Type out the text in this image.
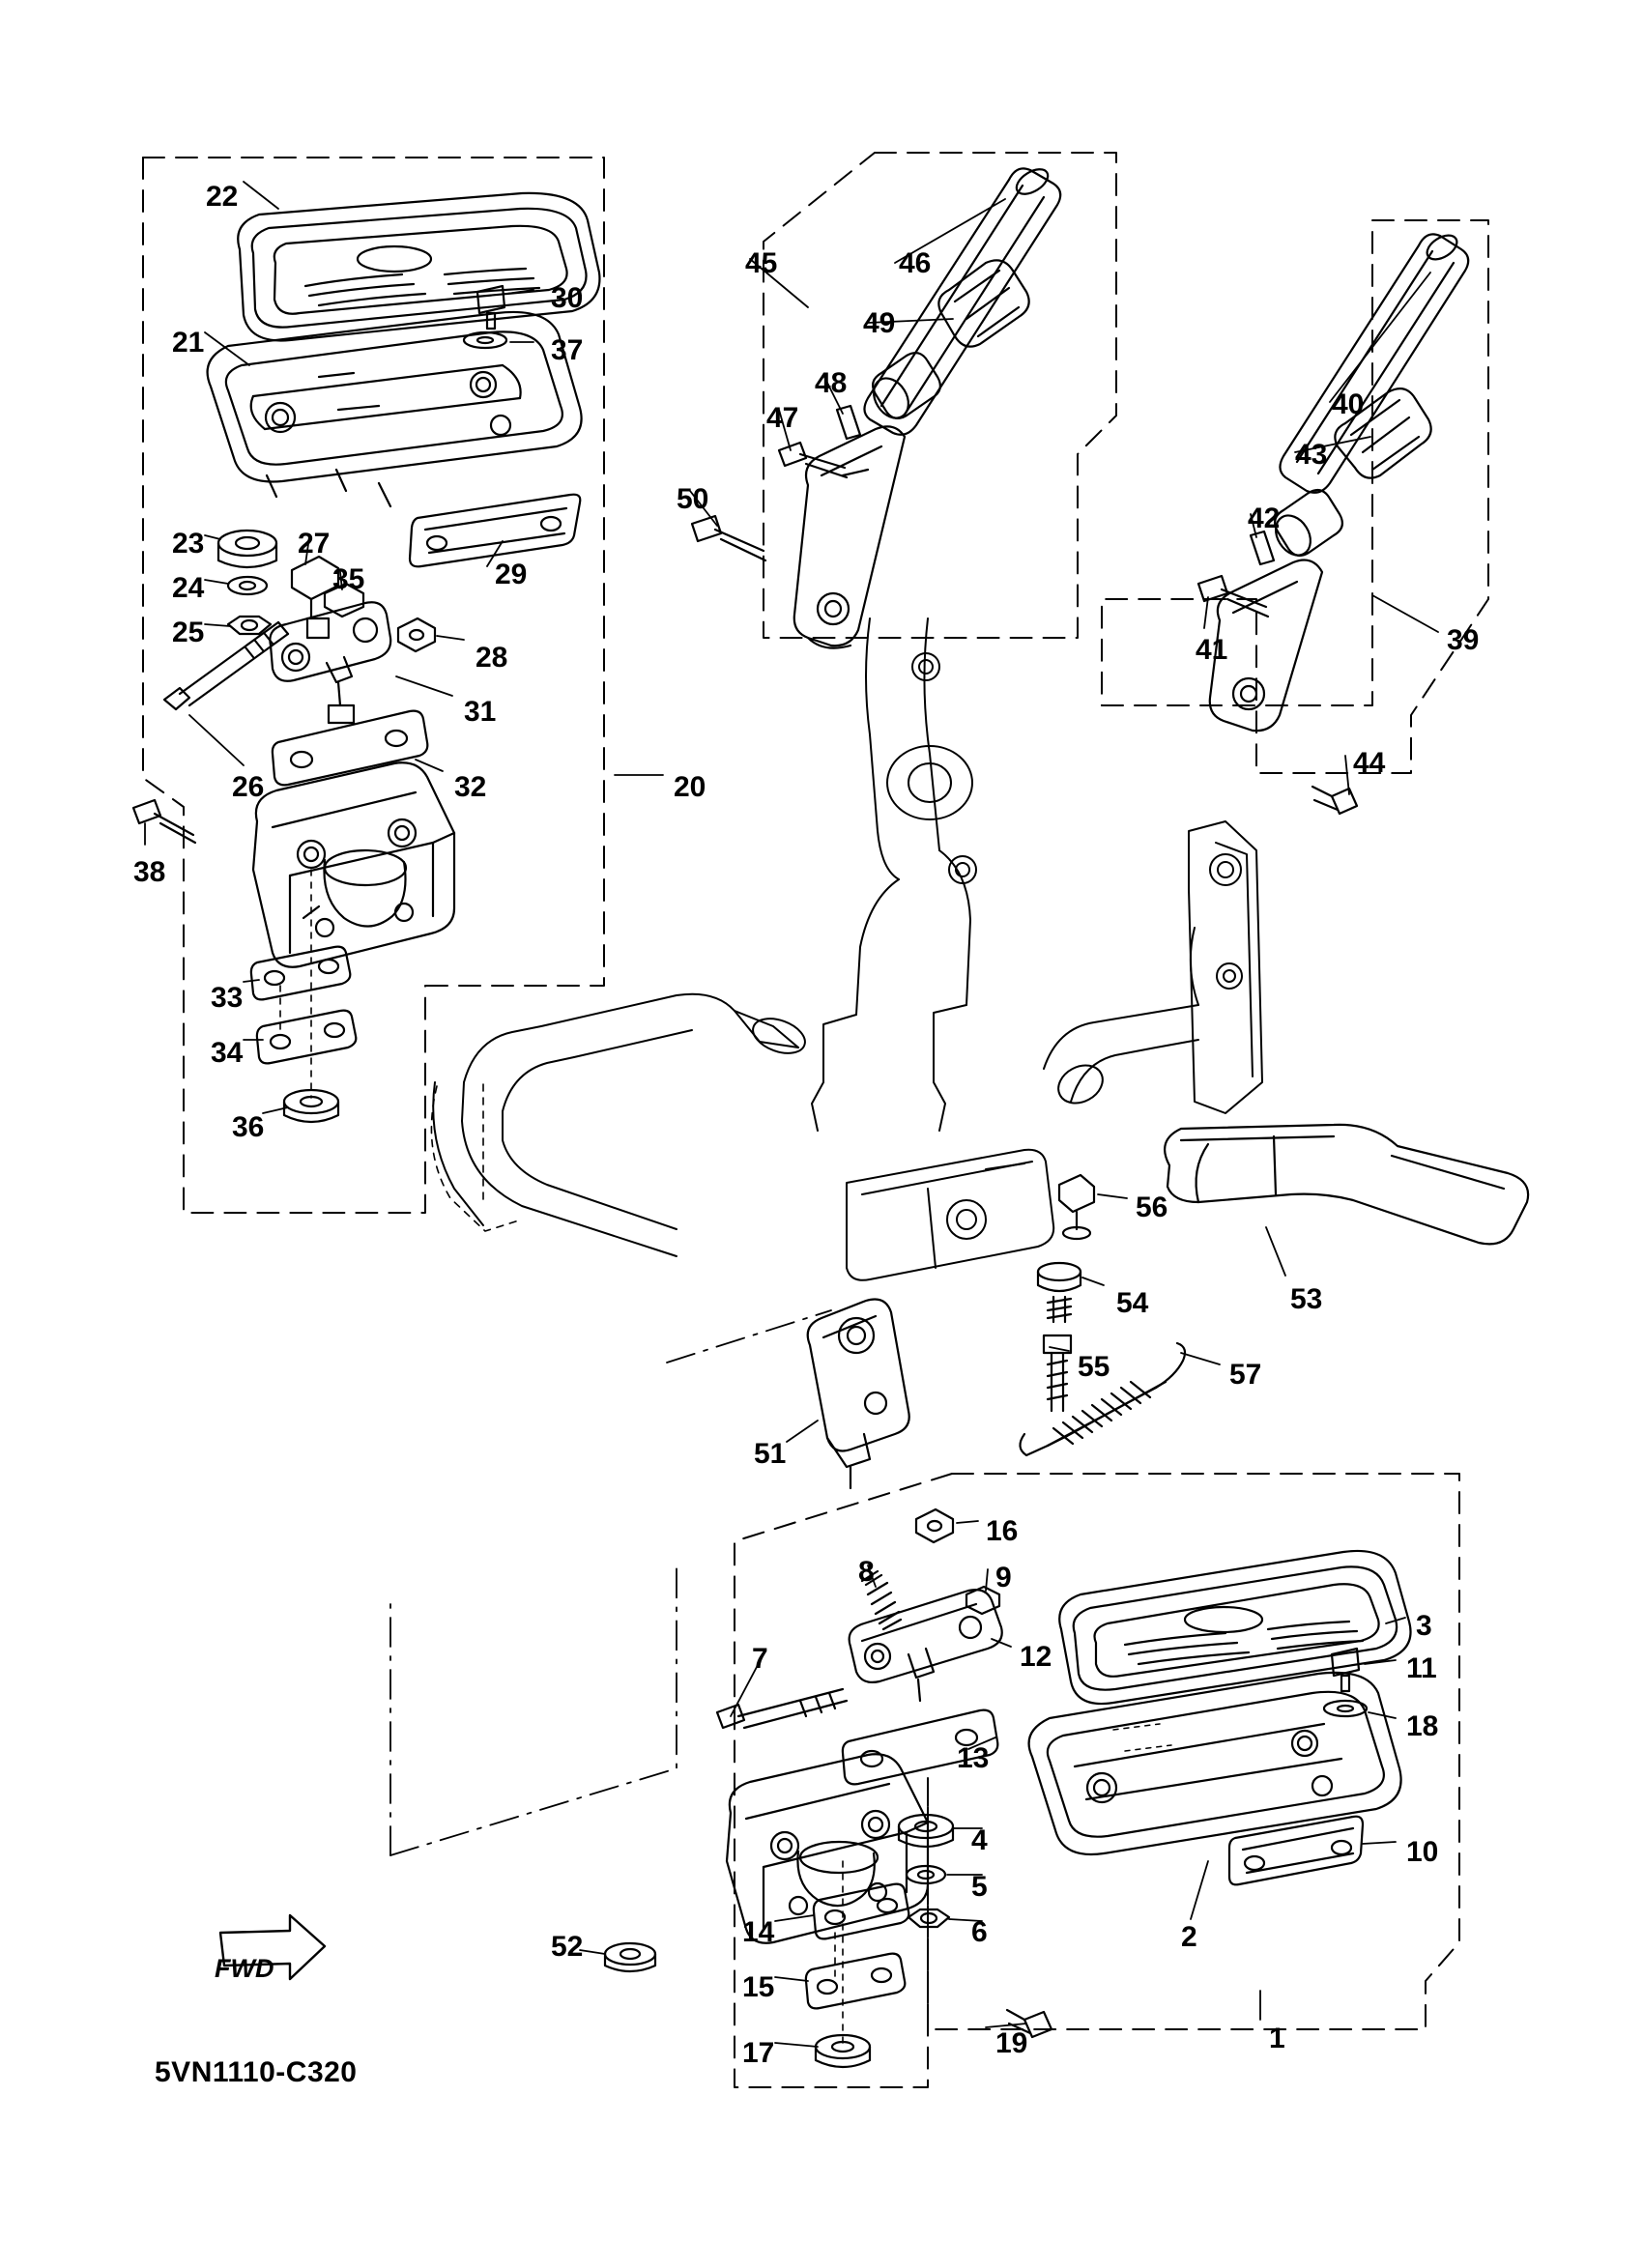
22
30
37
21
45	46
49
48
47	40
43
42
41	39
50
23	27
24	35
25
28
29
31
26	32	20
44
38
33
34
36
56
53
54
55	57
51
16
8	9
3
7	12	11
18
13
4
5
6
10
2
52	14
15
19
17	1
FWD
5VN1110-C320
